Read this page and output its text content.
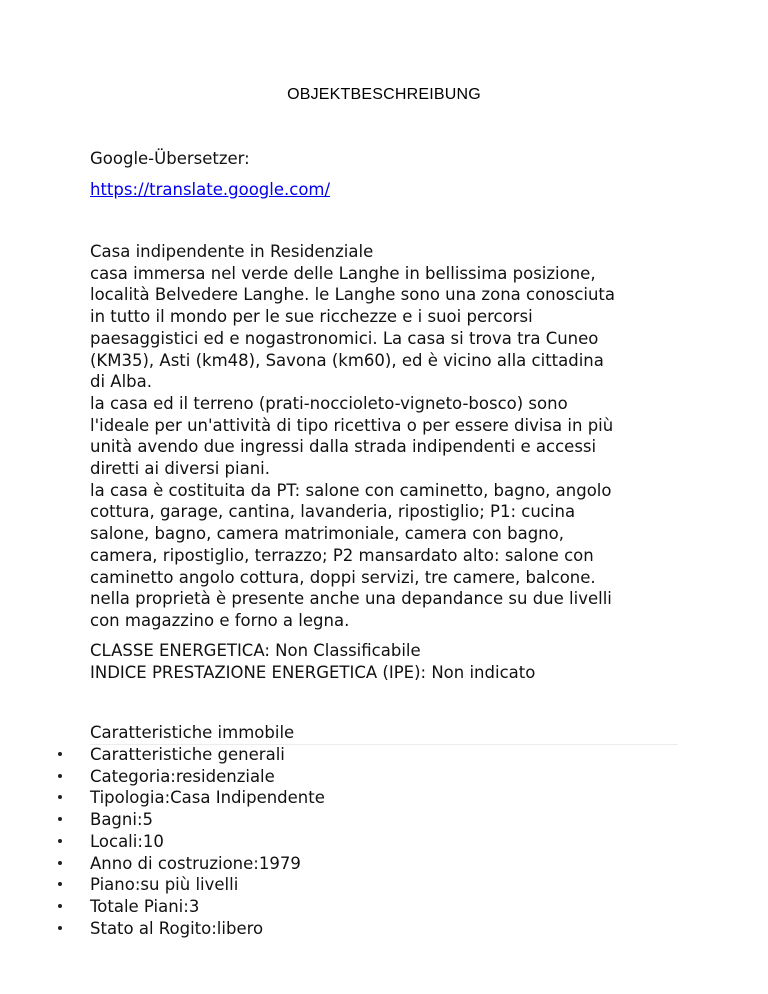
OBJEKTBESCHREIBUNG
Google-Übersetzer:
https://translate.google.com/
Casa indipendente in Residenziale
casa immersa nel verde delle Langhe in bellissima posizione,
località Belvedere Langhe. le Langhe sono una zona conosciuta
in tutto il mondo per le sue ricchezze e i suoi percorsi
paesaggistici ed e nogastronomici. La casa si trova tra Cuneo
(KM35), Asti (km48), Savona (km60), ed è vicino alla cittadina
di Alba.
la casa ed il terreno (prati-noccioleto-vigneto-bosco) sono
l'ideale per un'attività di tipo ricettiva o per essere divisa in più
unità avendo due ingressi dalla strada indipendenti e accessi
diretti ai diversi piani.
la casa è costituita da PT: salone con caminetto, bagno, angolo
cottura, garage, cantina, lavanderia, ripostiglio; P1: cucina
salone, bagno, camera matrimoniale, camera con bagno,
camera, ripostiglio, terrazzo; P2 mansardato alto: salone con
caminetto angolo cottura, doppi servizi, tre camere, balcone.
nella proprietà è presente anche una depandance su due livelli
con magazzino e forno a legna.
CLASSE ENERGETICA: Non Classificabile
INDICE PRESTAZIONE ENERGETICA (IPE): Non indicato
Caratteristiche immobile
Caratteristiche generali
Categoria:residenziale
Tipologia:Casa Indipendente
Bagni:5
Locali:10
Anno di costruzione:1979
Piano:su più livelli
Totale Piani:3
Stato al Rogito:libero
